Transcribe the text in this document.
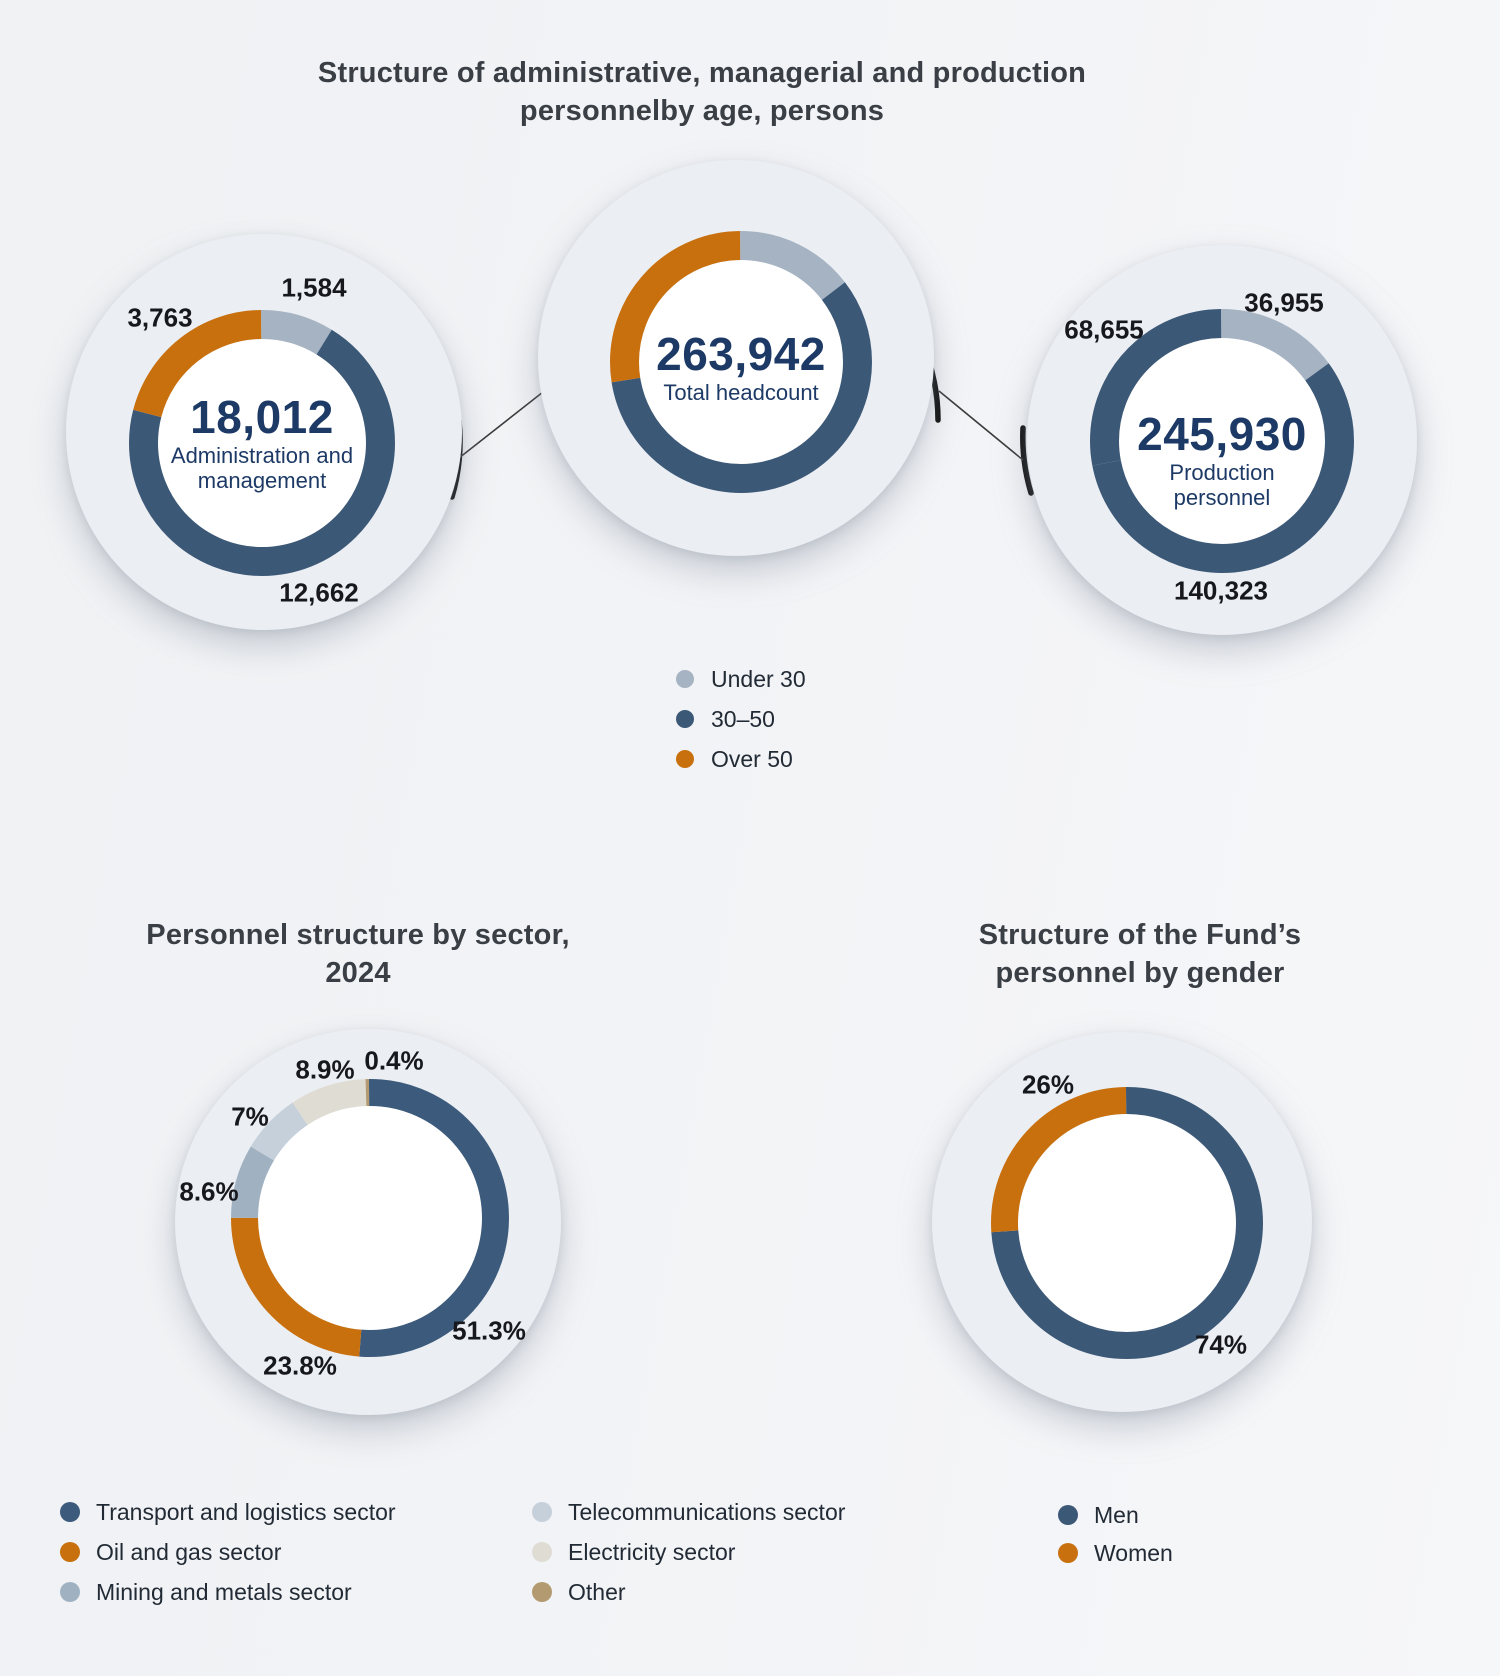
Structure of administrative, managerial and production
personnelby age, persons
18,012
Administration and
management
1,584
3,763
12,662
263,942
Total headcount
245,930
Production
personnel
36,955
68,655
140,323
Under 30
30–50
Over 50
Personnel structure by sector,
2024
0.4%
8.9%
7%
8.6%
23.8%
51.3%
Structure of the Fund’s
personnel by gender
26%
74%
Transport and logistics sector
Oil and gas sector
Mining and metals sector
Telecommunications sector
Electricity sector
Other
Men
Women
